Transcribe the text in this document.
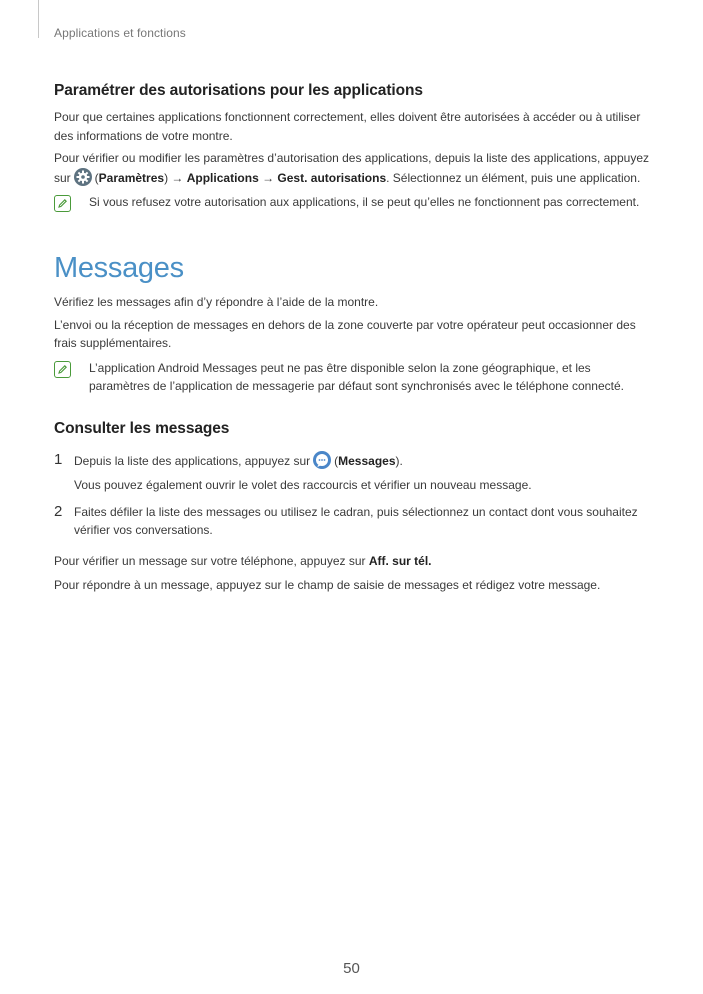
Applications et fonctions
Paramétrer des autorisations pour les applications

Pour que certaines applications fonctionnent correctement, elles doivent être autorisées à accéder ou à utiliser des informations de votre montre.

Pour vérifier ou modifier les paramètres d’autorisation des applications, depuis la liste des applications, appuyez sur (Paramètres) → Applications → Gest. autorisations. Sélectionnez un élément, puis une application.

Si vous refusez votre autorisation aux applications, il se peut qu’elles ne fonctionnent pas correctement.

Messages

Vérifiez les messages afin d’y répondre à l’aide de la montre.

L’envoi ou la réception de messages en dehors de la zone couverte par votre opérateur peut occasionner des frais supplémentaires.

L’application Android Messages peut ne pas être disponible selon la zone géographique, et les paramètres de l’application de messagerie par défaut sont synchronisés avec le téléphone connecté.

Consulter les messages
1 Depuis la liste des applications, appuyez sur (Messages).

Vous pouvez également ouvrir le volet des raccourcis et vérifier un nouveau message.

2 Faites défiler la liste des messages ou utilisez le cadran, puis sélectionnez un contact dont vous souhaitez vérifier vos conversations.

Pour vérifier un message sur votre téléphone, appuyez sur Aff. sur tél.

Pour répondre à un message, appuyez sur le champ de saisie de messages et rédigez votre message.

50
